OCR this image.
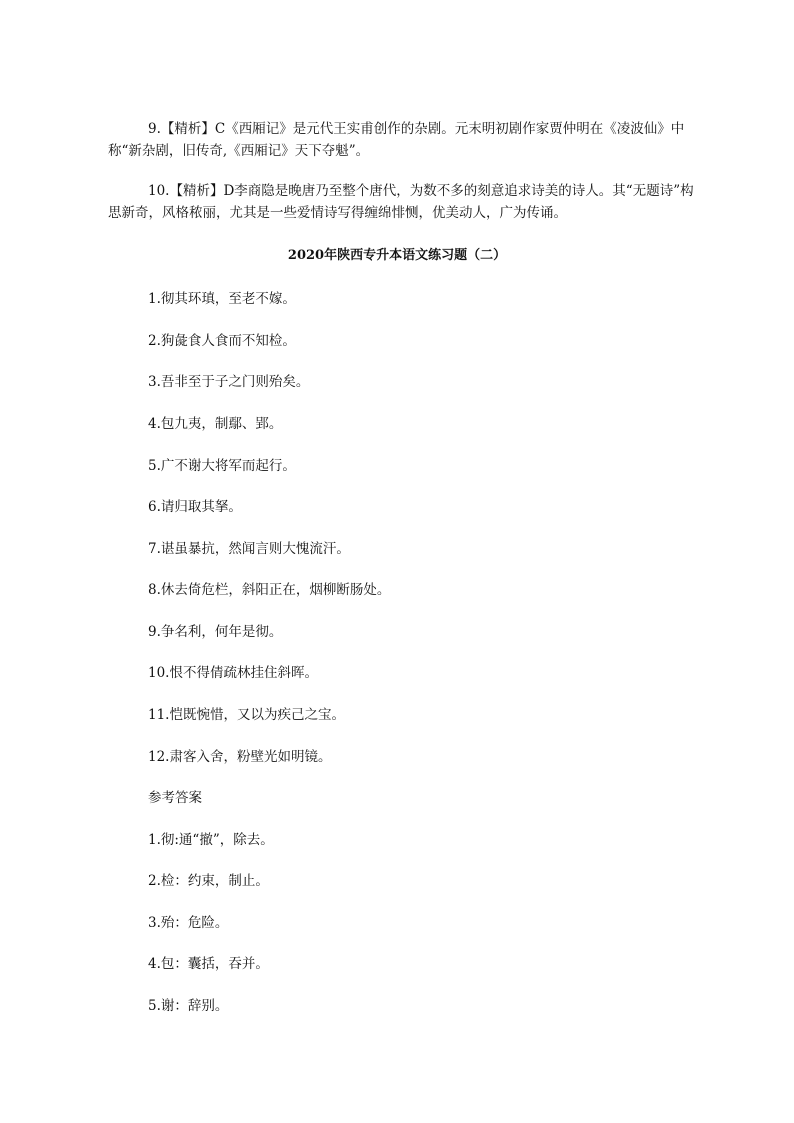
9.【精析】C《西厢记》是元代王实甫创作的杂剧。元末明初剧作家贾仲明在《凌波仙》中称“新杂剧，旧传奇,《西厢记》天下夺魁”。

10.【精析】D李商隐是晚唐乃至整个唐代，为数不多的刻意追求诗美的诗人。其“无题诗”构思新奇，风格秾丽，尤其是一些爱情诗写得缠绵悱恻，优美动人，广为传诵。

2020年陕西专升本语文练习题（二）
1.彻其环瑱，至老不嫁。
2.狗彘食人食而不知检。
3.吾非至于子之门则殆矣。
4.包九夷，制鄢、郢。
5.广不谢大将军而起行。
6.请归取其拏。
7.谌虽暴抗，然闻言则大愧流汗。
8.休去倚危栏，斜阳正在，烟柳断肠处。
9.争名利，何年是彻。
10.恨不得倩疏林挂住斜晖。
11.恺既惋惜，又以为疾己之宝。
12.肃客入舍，粉壁光如明镜。
参考答案
1.彻:通“撤”，除去。
2.检：约束，制止。
3.殆：危险。
4.包：囊括，吞并。
5.谢：辞别。
